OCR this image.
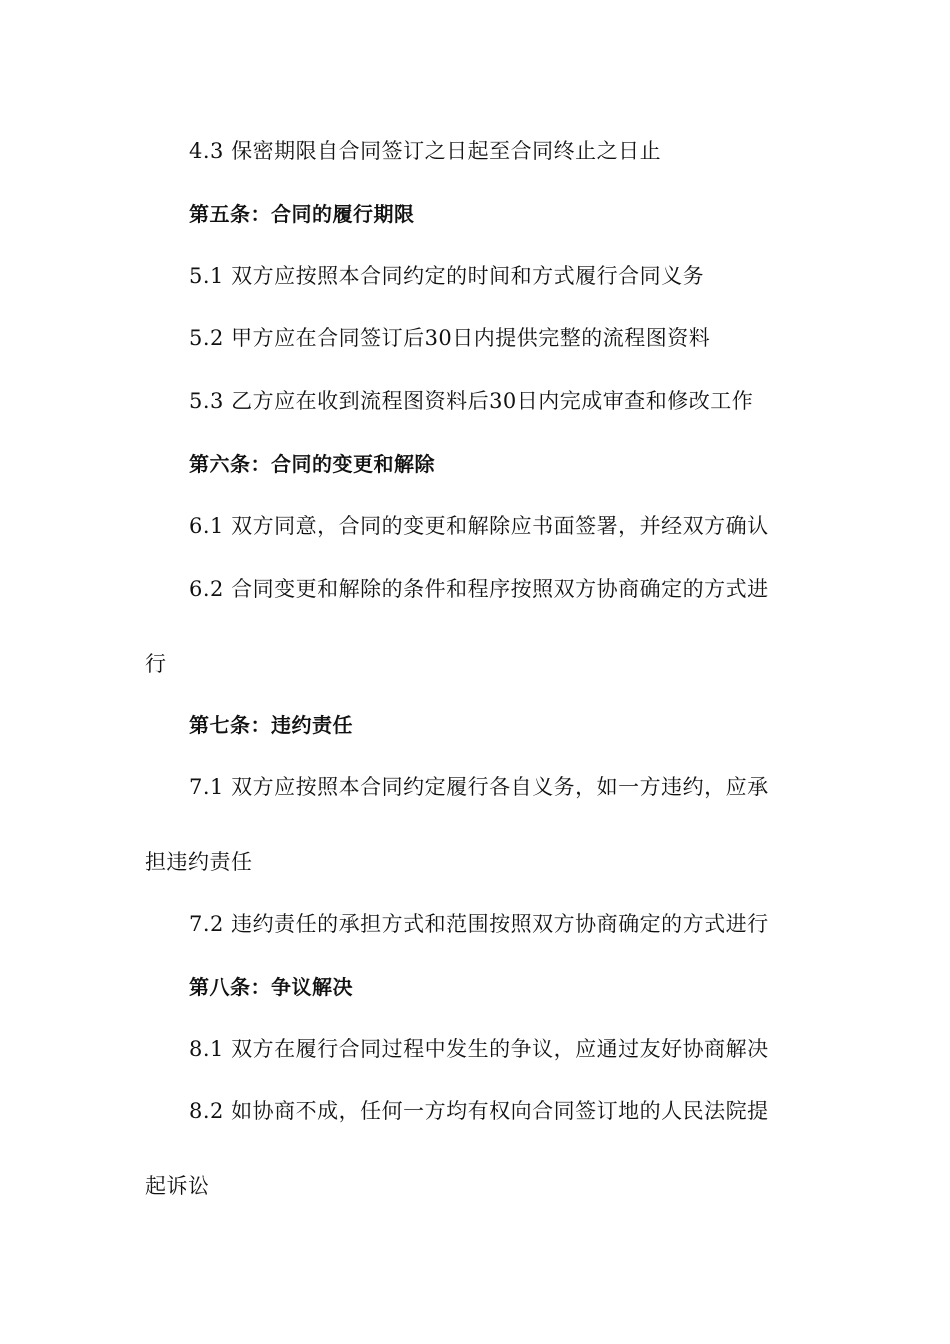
4.3 保密期限自合同签订之日起至合同终止之日止
第五条：合同的履行期限
5.1 双方应按照本合同约定的时间和方式履行合同义务
5.2 甲方应在合同签订后30日内提供完整的流程图资料
5.3 乙方应在收到流程图资料后30日内完成审查和修改工作
第六条：合同的变更和解除
6.1 双方同意，合同的变更和解除应书面签署，并经双方确认
6.2 合同变更和解除的条件和程序按照双方协商确定的方式进
行
第七条：违约责任
7.1 双方应按照本合同约定履行各自义务，如一方违约，应承
担违约责任
7.2 违约责任的承担方式和范围按照双方协商确定的方式进行
第八条：争议解决
8.1 双方在履行合同过程中发生的争议，应通过友好协商解决
8.2 如协商不成，任何一方均有权向合同签订地的人民法院提
起诉讼
